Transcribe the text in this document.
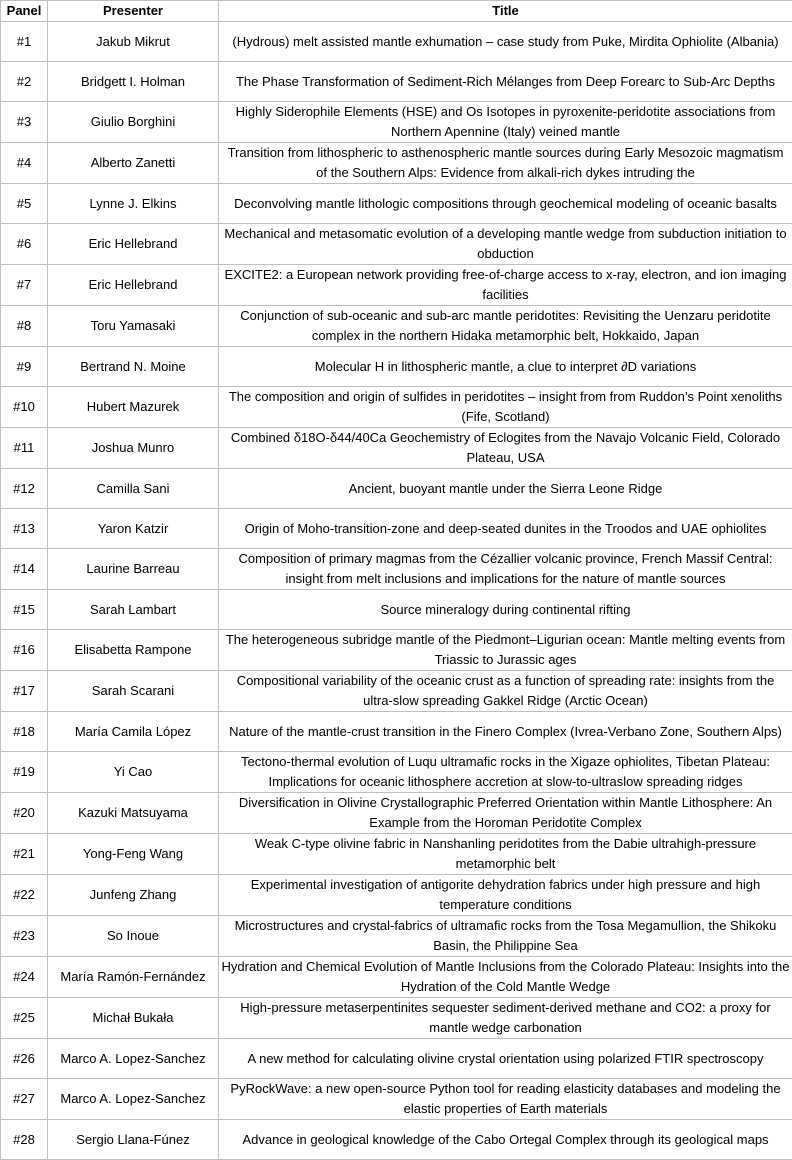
Panel	Presenter	Title
#1	Jakub Mikrut	(Hydrous) melt assisted mantle exhumation – case study from Puke, Mirdita Ophiolite (Albania)

#2	Bridgett I. Holman	The Phase Transformation of Sediment-Rich Mélanges from Deep Forearc to Sub-Arc Depths

#3	Giulio Borghini	Highly Siderophile Elements (HSE) and Os Isotopes in pyroxenite-peridotite associations from Northern Apennine (Italy) veined mantle

#4	Alberto Zanetti	Transition from lithospheric to asthenospheric mantle sources during Early Mesozoic magmatism of the Southern Alps: Evidence from alkali-rich dykes intruding the

#5	Lynne J. Elkins	Deconvolving mantle lithologic compositions through geochemical modeling of oceanic basalts

#6	Eric Hellebrand	Mechanical and metasomatic evolution of a developing mantle wedge from subduction initiation to obduction

#7	Eric Hellebrand	EXCITE2: a European network providing free-of-charge access to x-ray, electron, and ion imaging facilities

#8	Toru Yamasaki	Conjunction of sub-oceanic and sub-arc mantle peridotites: Revisiting the Uenzaru peridotite complex in the northern Hidaka metamorphic belt, Hokkaido, Japan

#9	Bertrand N. Moine	Molecular H in lithospheric mantle, a clue to interpret ∂D variations

#10	Hubert Mazurek	The composition and origin of sulfides in peridotites – insight from from Ruddon’s Point xenoliths (Fife, Scotland)

#11	Joshua Munro	Combined δ18O-δ44/40Ca Geochemistry of Eclogites from the Navajo Volcanic Field, Colorado Plateau, USA

#12	Camilla Sani	Ancient, buoyant mantle under the Sierra Leone Ridge

#13	Yaron Katzir	Origin of Moho-transition-zone and deep-seated dunites in the Troodos and UAE ophiolites

#14	Laurine Barreau	Composition of primary magmas from the Cézallier volcanic province, French Massif Central: insight from melt inclusions and implications for the nature of mantle sources

#15	Sarah Lambart	Source mineralogy during continental rifting

#16	Elisabetta Rampone	The heterogeneous subridge mantle of the Piedmont–Ligurian ocean: Mantle melting events from Triassic to Jurassic ages

#17	Sarah Scarani	Compositional variability of the oceanic crust as a function of spreading rate: insights from the ultra-slow spreading Gakkel Ridge (Arctic Ocean)

#18	María Camila López	Nature of the mantle-crust transition in the Finero Complex (Ivrea-Verbano Zone, Southern Alps)

#19	Yi Cao	Tectono-thermal evolution of Luqu ultramafic rocks in the Xigaze ophiolites, Tibetan Plateau: Implications for oceanic lithosphere accretion at slow-to-ultraslow spreading ridges

#20	Kazuki Matsuyama	Diversification in Olivine Crystallographic Preferred Orientation within Mantle Lithosphere: An Example from the Horoman Peridotite Complex

#21	Yong-Feng Wang	Weak C-type olivine fabric in Nanshanling peridotites from the Dabie ultrahigh-pressure metamorphic belt

#22	Junfeng Zhang	Experimental investigation of antigorite dehydration fabrics under high pressure and high temperature conditions

#23	So Inoue	Microstructures and crystal-fabrics of ultramafic rocks from the Tosa Megamullion, the Shikoku Basin, the Philippine Sea

#24	María Ramón-Fernández	Hydration and Chemical Evolution of Mantle Inclusions from the Colorado Plateau: Insights into the Hydration of the Cold Mantle Wedge

#25	Michał Bukała	High-pressure metaserpentinites sequester sediment-derived methane and CO2: a proxy for mantle wedge carbonation

#26	Marco A. Lopez-Sanchez	A new method for calculating olivine crystal orientation using polarized FTIR spectroscopy

#27	Marco A. Lopez-Sanchez	PyRockWave: a new open-source Python tool for reading elasticity databases and modeling the elastic properties of Earth materials

#28	Sergio Llana-Fúnez	Advance in geological knowledge of the Cabo Ortegal Complex through its geological maps
